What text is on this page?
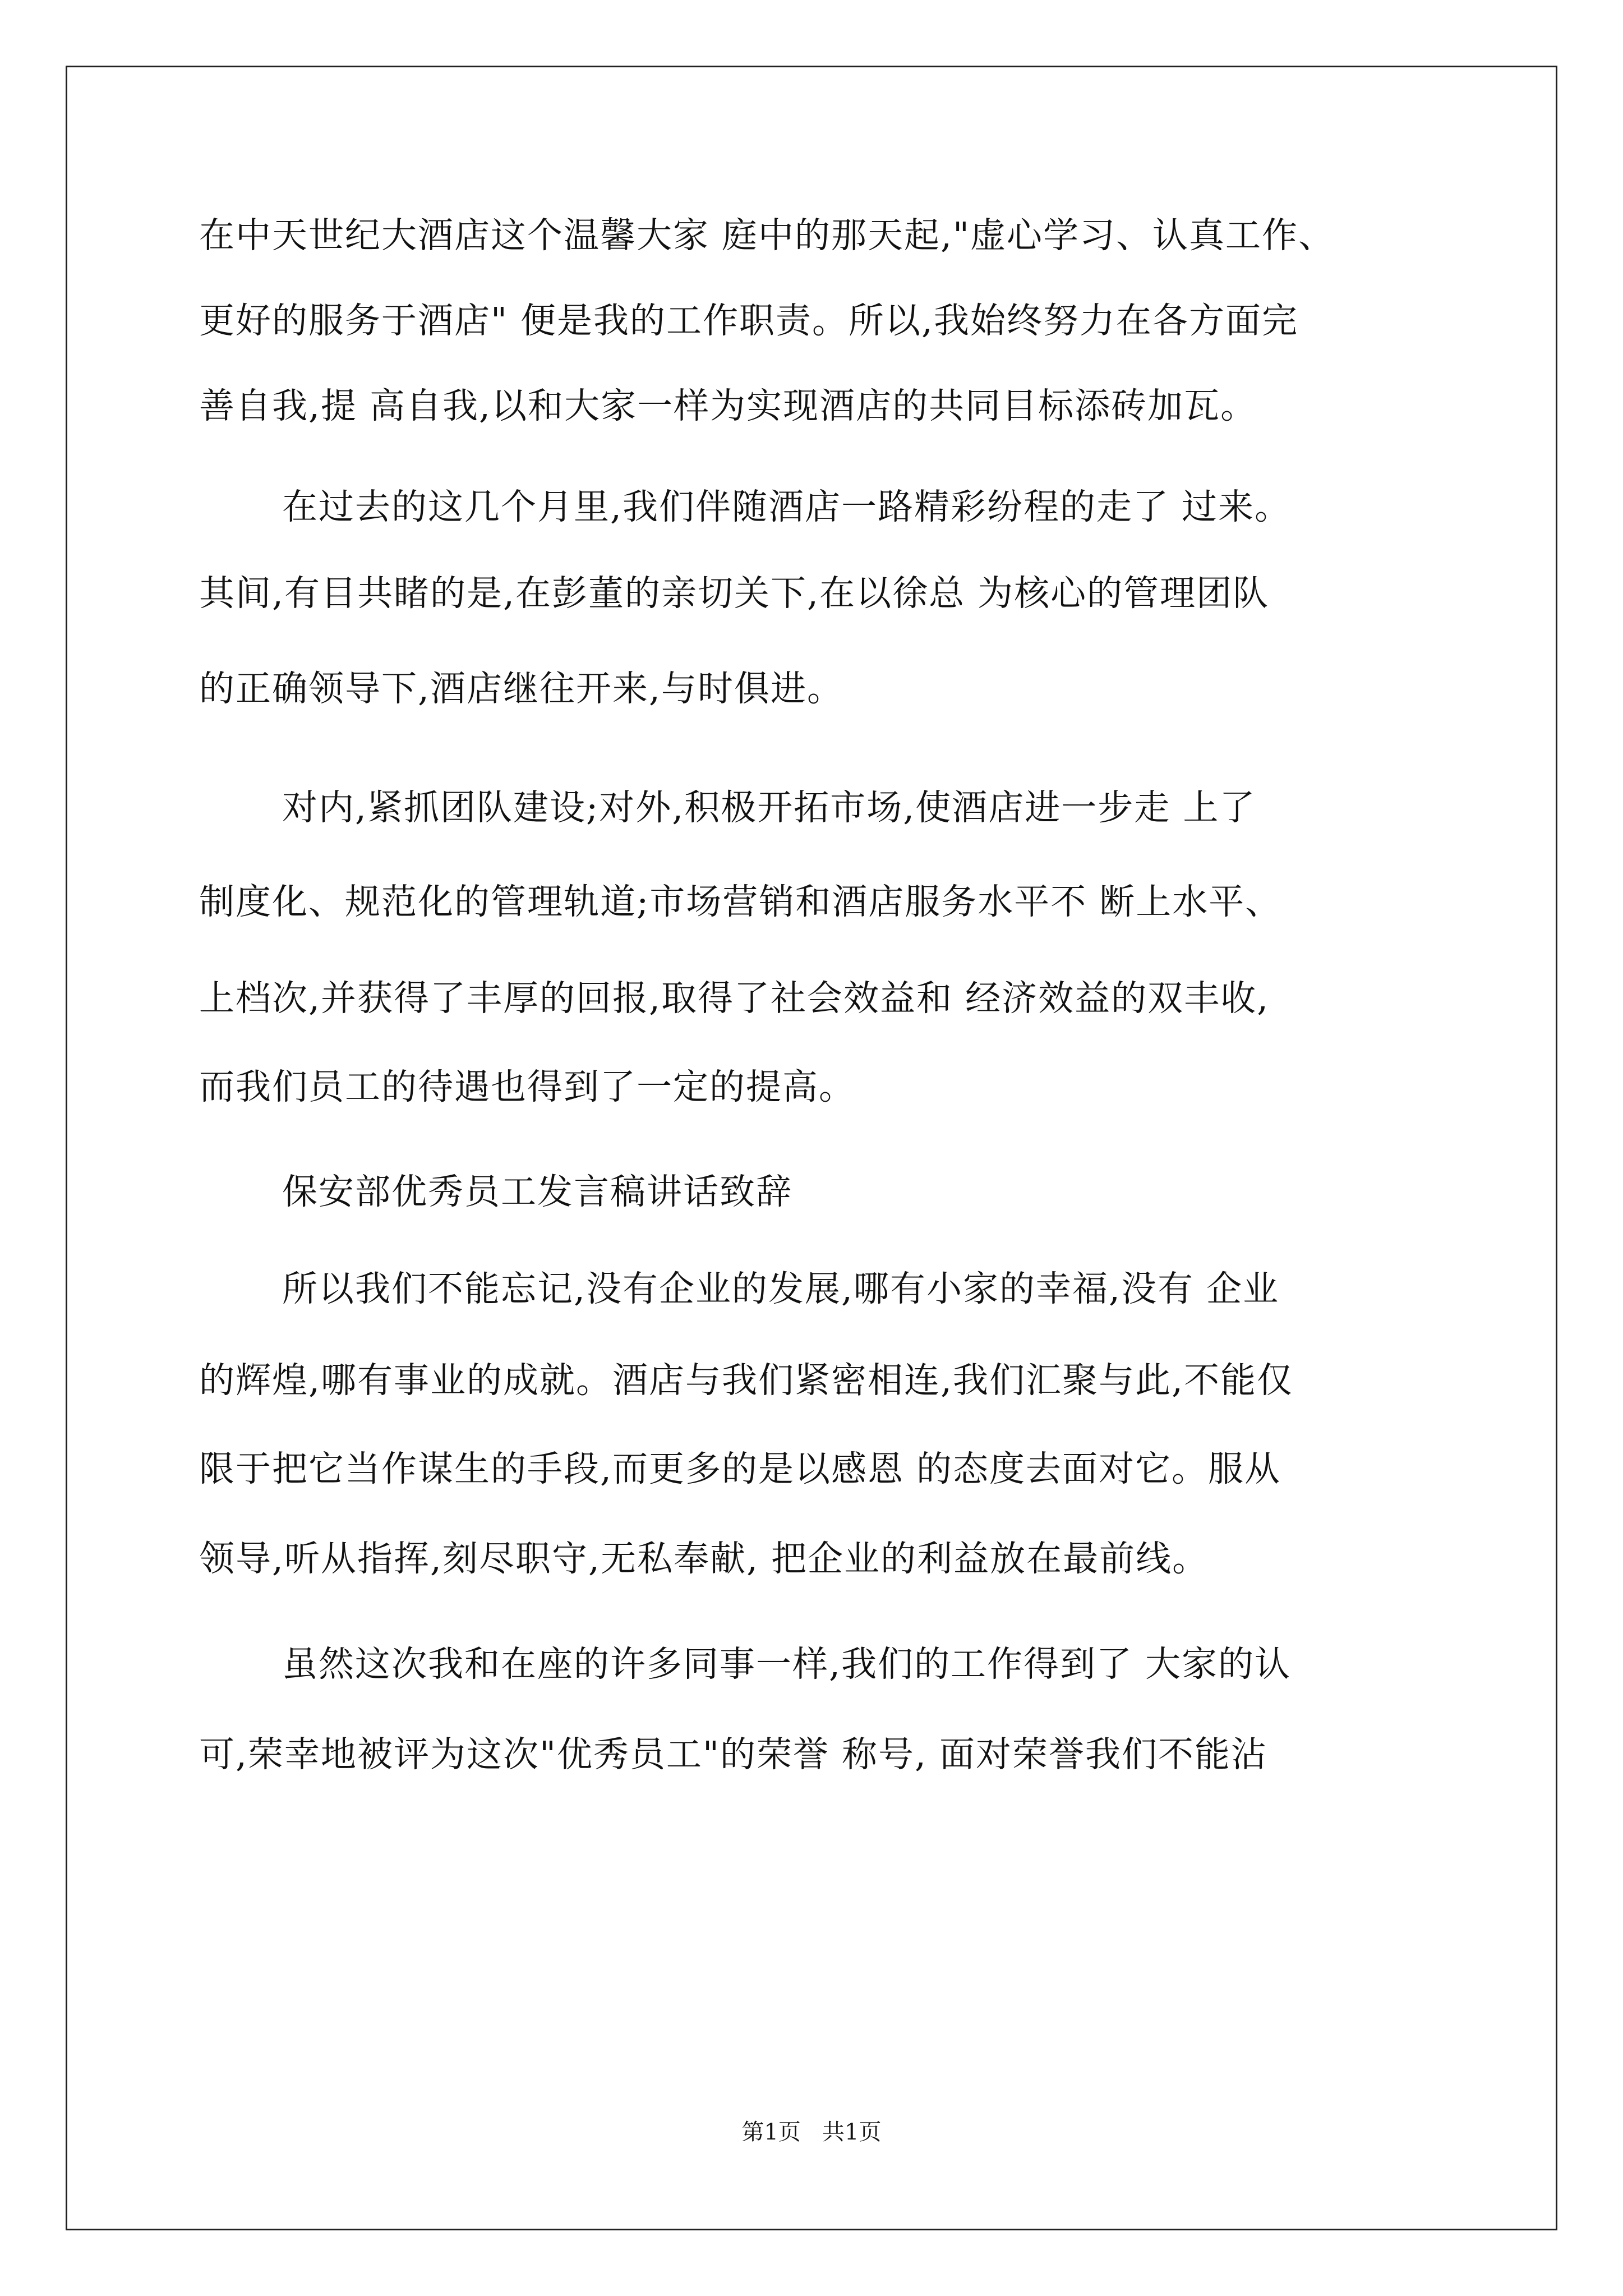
在中天世纪大酒店这个温馨大家 庭中的那天起,"虚心学习、认真工作、
更好的服务于酒店" 便是我的工作职责。所以,我始终努力在各方面完
善自我,提 高自我,以和大家一样为实现酒店的共同目标添砖加瓦。
在过去的这几个月里,我们伴随酒店一路精彩纷程的走了 过来。
其间,有目共睹的是,在彭董的亲切关下,在以徐总 为核心的管理团队
的正确领导下,酒店继往开来,与时俱进。
对内,紧抓团队建设;对外,积极开拓市场,使酒店进一步走 上了
制度化、规范化的管理轨道;市场营销和酒店服务水平不 断上水平、
上档次,并获得了丰厚的回报,取得了社会效益和 经济效益的双丰收,
而我们员工的待遇也得到了一定的提高。
保安部优秀员工发言稿讲话致辞
所以我们不能忘记,没有企业的发展,哪有小家的幸福,没有 企业
的辉煌,哪有事业的成就。酒店与我们紧密相连,我们汇聚与此,不能仅
限于把它当作谋生的手段,而更多的是以感恩 的态度去面对它。服从
领导,听从指挥,刻尽职守,无私奉献, 把企业的利益放在最前线。
虽然这次我和在座的许多同事一样,我们的工作得到了 大家的认
可,荣幸地被评为这次"优秀员工"的荣誉 称号, 面对荣誉我们不能沾
第1页   共1页
